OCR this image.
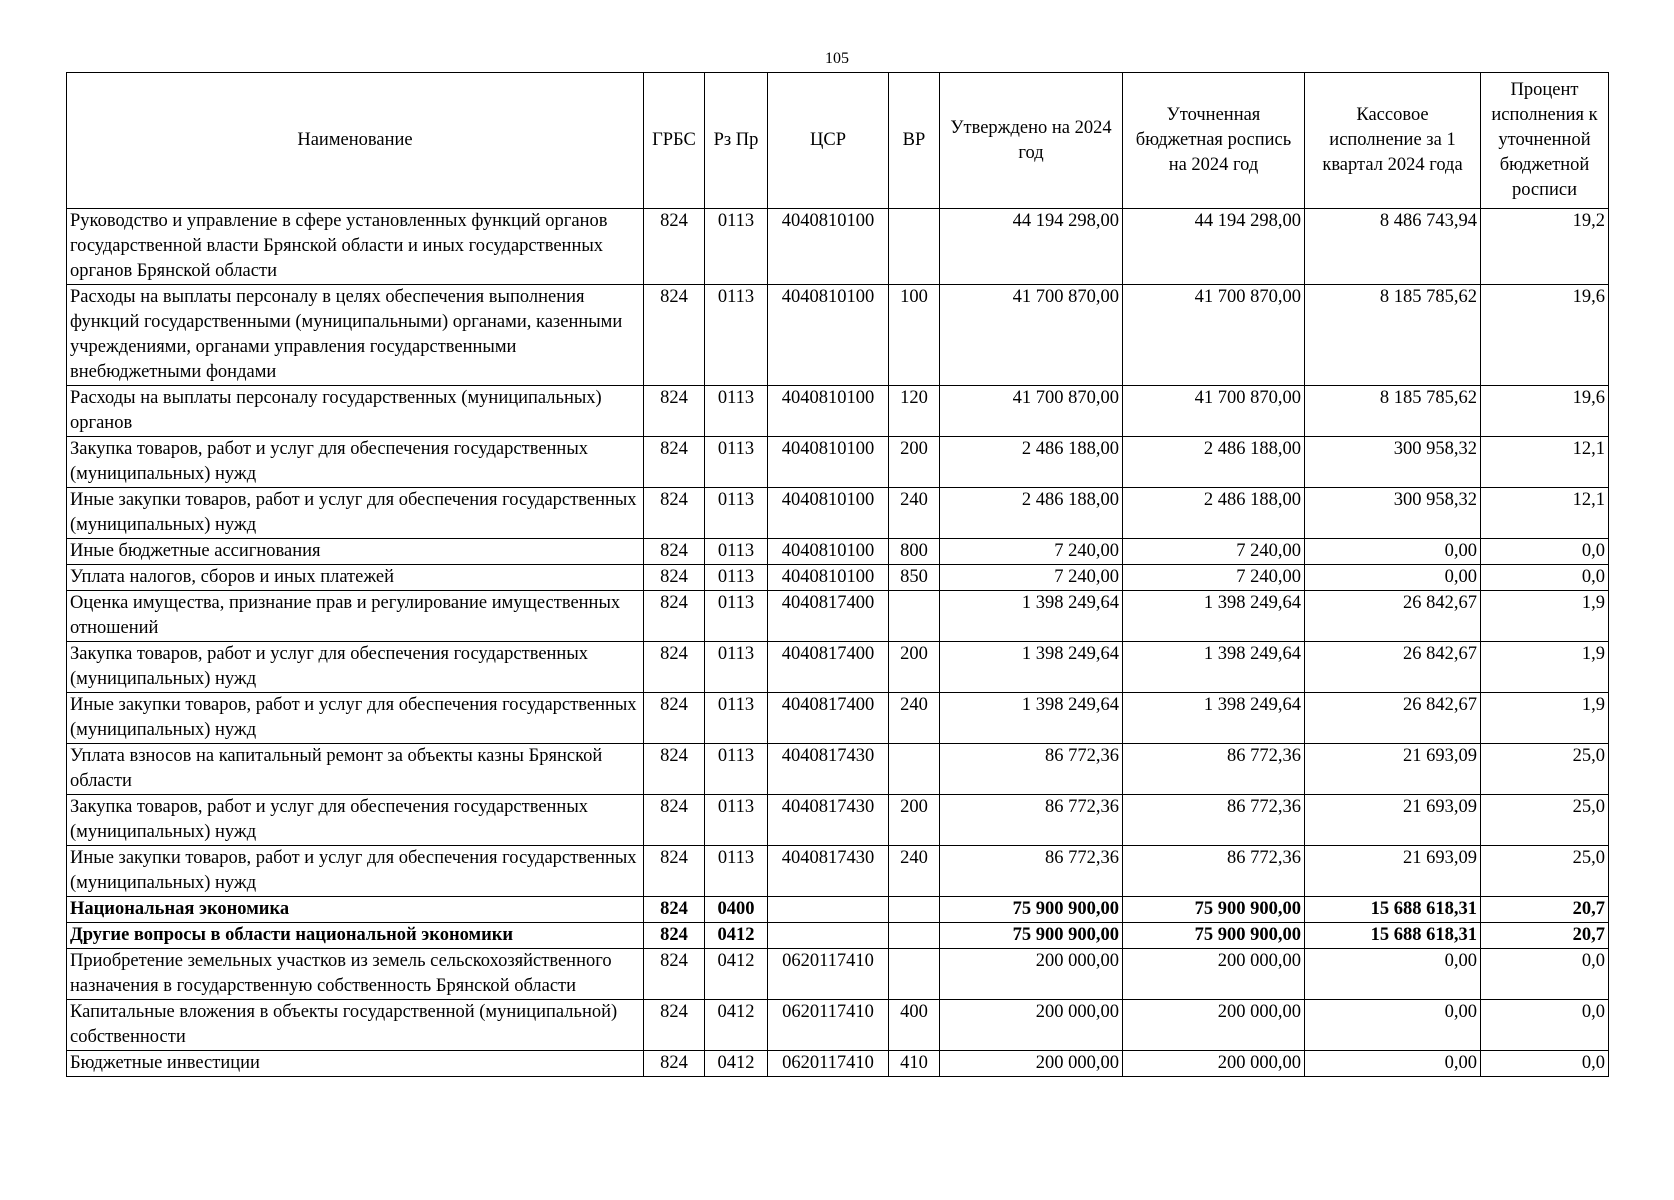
105
Наименование	ГРБС	Рз Пр	ЦСР	ВР	Утверждено на 2024 год	Уточненная бюджетная роспись на 2024 год	Кассовое исполнение за 1 квартал 2024 года	Процент исполнения к уточненной бюджетной росписи
Руководство и управление в сфере установленных функций органов государственной власти Брянской области и иных государственных органов Брянской области	824	0113	4040810100		44 194 298,00	44 194 298,00	8 486 743,94	19,2
Расходы на выплаты персоналу в целях обеспечения выполнения функций государственными (муниципальными) органами, казенными учреждениями, органами управления государственными внебюджетными фондами	824	0113	4040810100	100	41 700 870,00	41 700 870,00	8 185 785,62	19,6
Расходы на выплаты персоналу государственных (муниципальных) органов	824	0113	4040810100	120	41 700 870,00	41 700 870,00	8 185 785,62	19,6
Закупка товаров, работ и услуг для обеспечения государственных (муниципальных) нужд	824	0113	4040810100	200	2 486 188,00	2 486 188,00	300 958,32	12,1
Иные закупки товаров, работ и услуг для обеспечения государственных (муниципальных) нужд	824	0113	4040810100	240	2 486 188,00	2 486 188,00	300 958,32	12,1
Иные бюджетные ассигнования	824	0113	4040810100	800	7 240,00	7 240,00	0,00	0,0
Уплата налогов, сборов и иных платежей	824	0113	4040810100	850	7 240,00	7 240,00	0,00	0,0
Оценка имущества, признание прав и регулирование имущественных отношений	824	0113	4040817400		1 398 249,64	1 398 249,64	26 842,67	1,9
Закупка товаров, работ и услуг для обеспечения государственных (муниципальных) нужд	824	0113	4040817400	200	1 398 249,64	1 398 249,64	26 842,67	1,9
Иные закупки товаров, работ и услуг для обеспечения государственных (муниципальных) нужд	824	0113	4040817400	240	1 398 249,64	1 398 249,64	26 842,67	1,9
Уплата взносов на капитальный ремонт за объекты казны Брянской области	824	0113	4040817430		86 772,36	86 772,36	21 693,09	25,0
Закупка товаров, работ и услуг для обеспечения государственных (муниципальных) нужд	824	0113	4040817430	200	86 772,36	86 772,36	21 693,09	25,0
Иные закупки товаров, работ и услуг для обеспечения государственных (муниципальных) нужд	824	0113	4040817430	240	86 772,36	86 772,36	21 693,09	25,0
Национальная экономика	824	0400			75 900 900,00	75 900 900,00	15 688 618,31	20,7
Другие вопросы в области национальной экономики	824	0412			75 900 900,00	75 900 900,00	15 688 618,31	20,7
Приобретение земельных участков из земель сельскохозяйственного назначения в государственную собственность Брянской области	824	0412	0620117410		200 000,00	200 000,00	0,00	0,0
Капитальные вложения в объекты государственной (муниципальной) собственности	824	0412	0620117410	400	200 000,00	200 000,00	0,00	0,0
Бюджетные инвестиции	824	0412	0620117410	410	200 000,00	200 000,00	0,00	0,0
